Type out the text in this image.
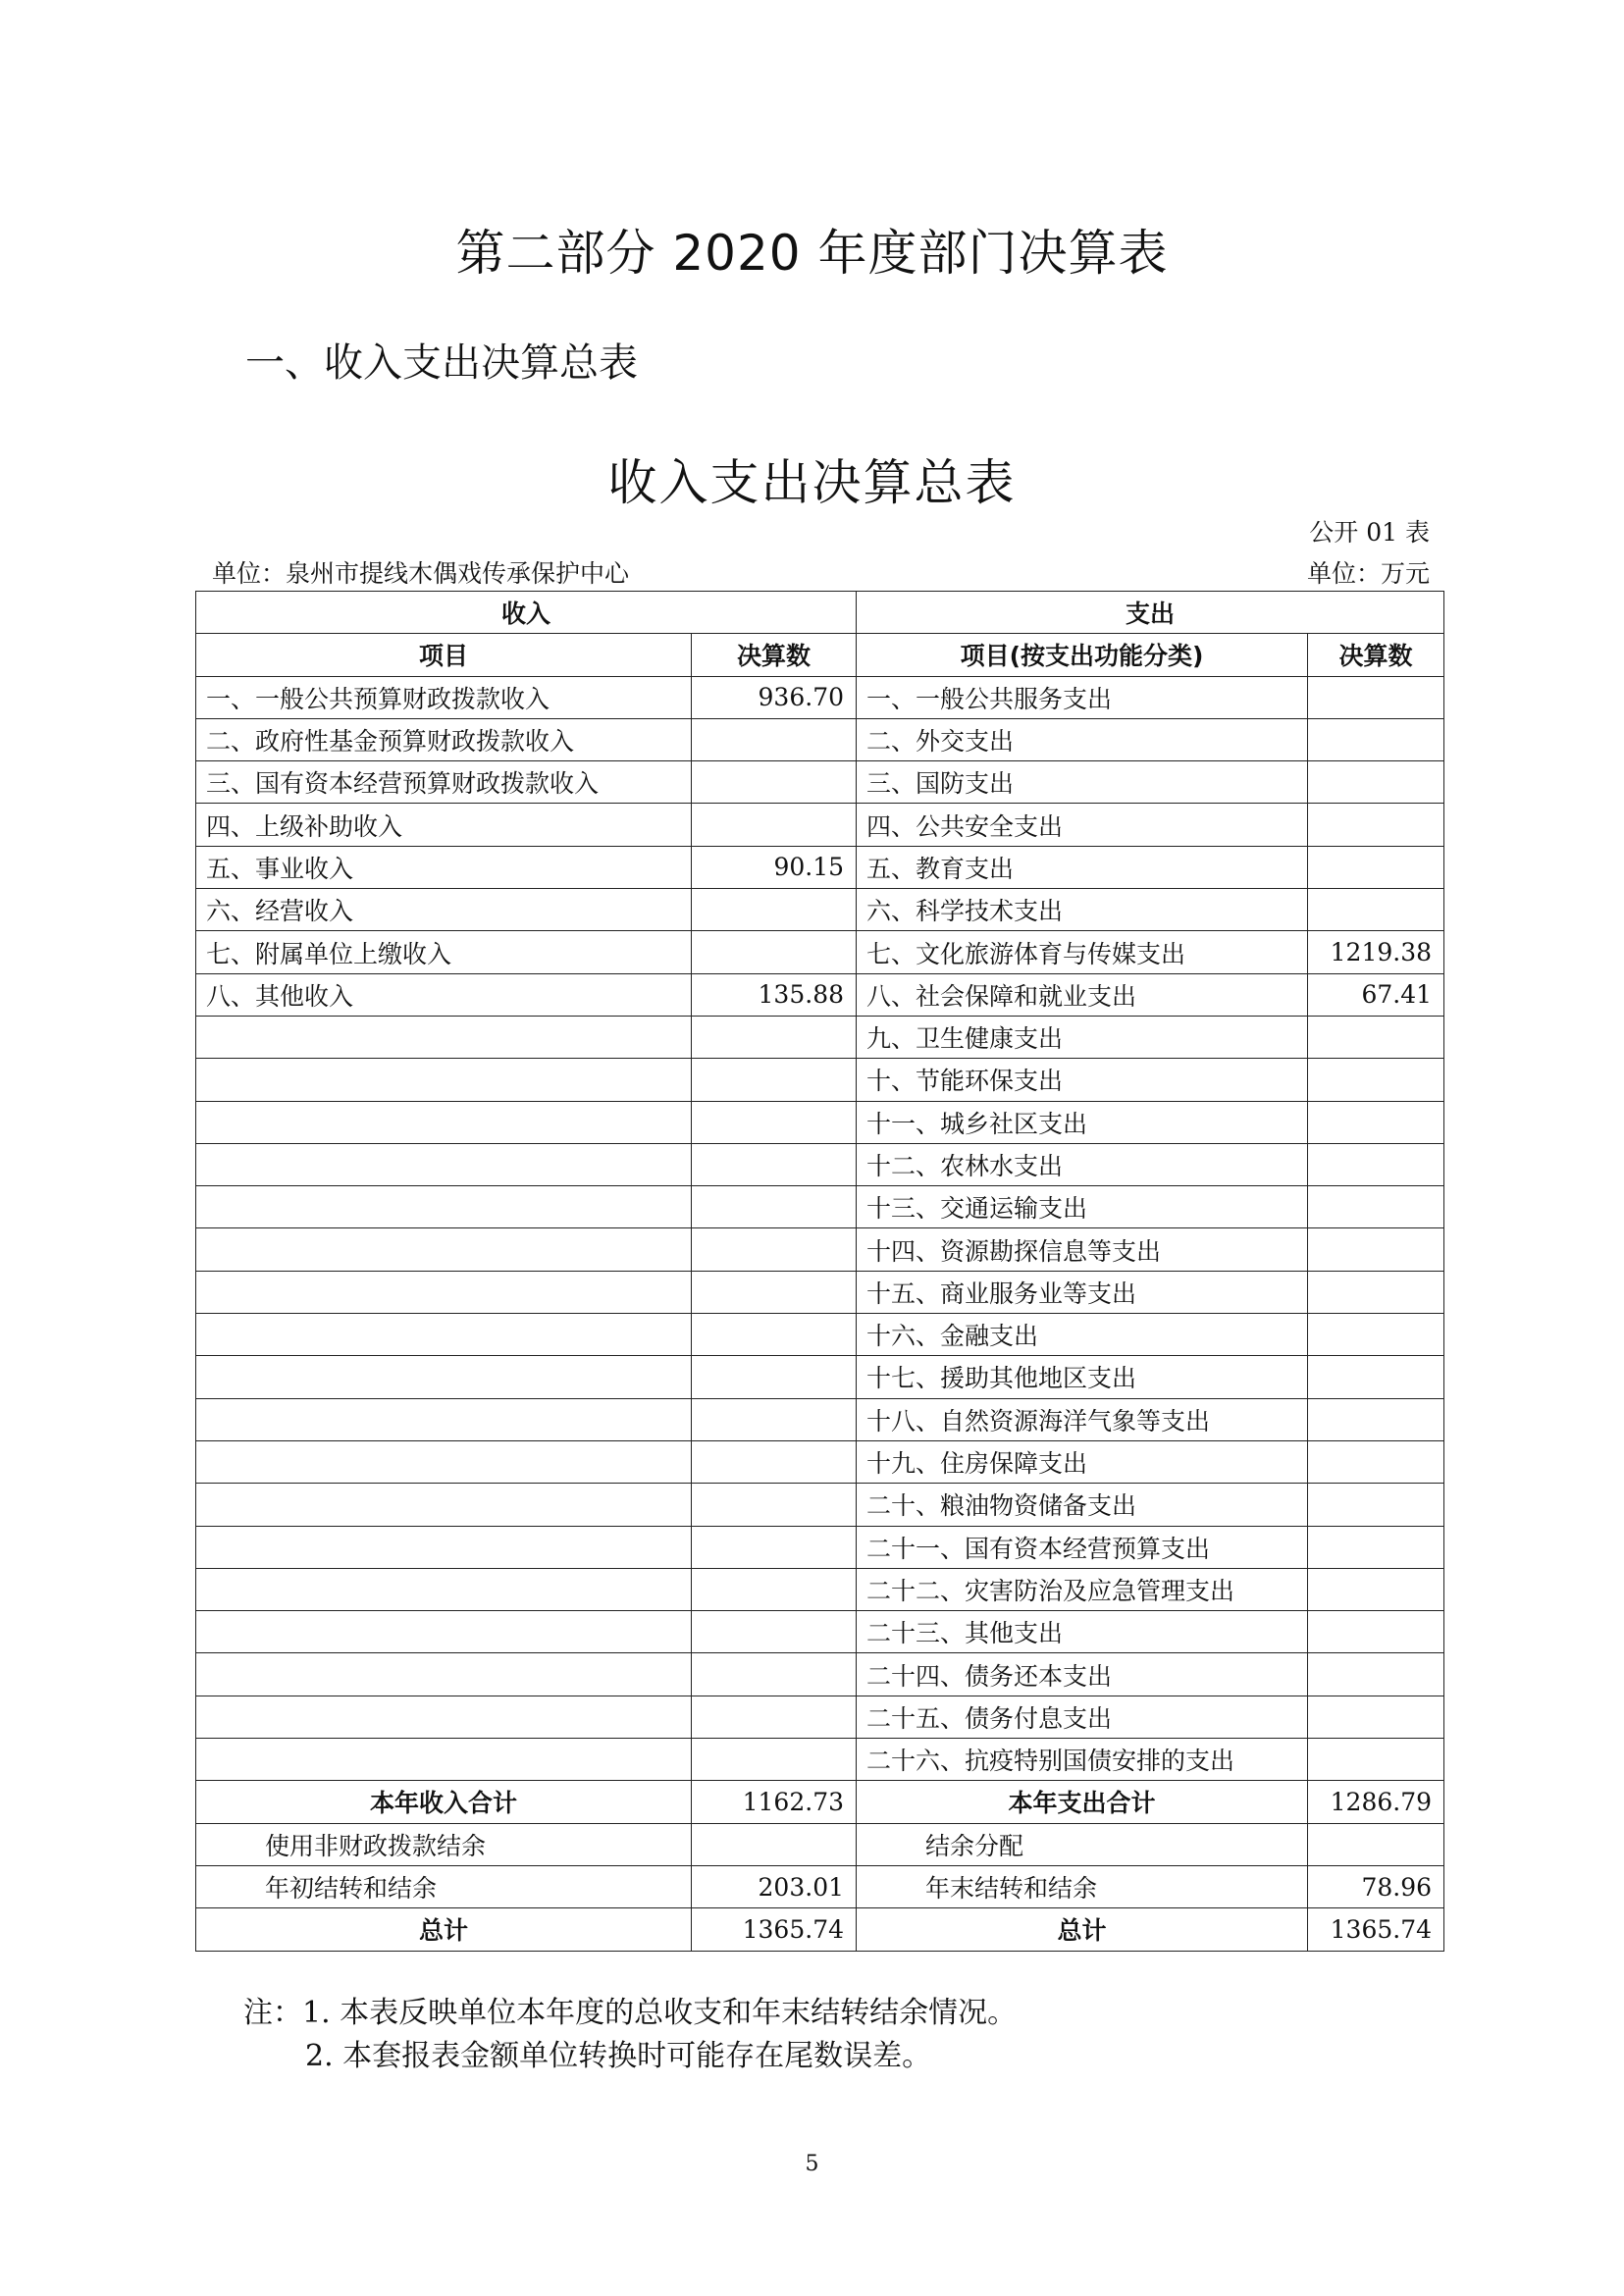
第二部分 2020 年度部门决算表
一、收入支出决算总表
收入支出决算总表
公开 01 表
单位：泉州市提线木偶戏传承保护中心	单位：万元
收入		支出	
项目	决算数	项目(按支出功能分类)	决算数
一、一般公共预算财政拨款收入	936.70	一、一般公共服务支出	
二、政府性基金预算财政拨款收入		二、外交支出	
三、国有资本经营预算财政拨款收入		三、国防支出	
四、上级补助收入		四、公共安全支出	
五、事业收入	90.15	五、教育支出	
六、经营收入		六、科学技术支出	
七、附属单位上缴收入		七、文化旅游体育与传媒支出	1219.38
八、其他收入	135.88	八、社会保障和就业支出	67.41
		九、卫生健康支出	
		十、节能环保支出	
		十一、城乡社区支出	
		十二、农林水支出	
		十三、交通运输支出	
		十四、资源勘探信息等支出	
		十五、商业服务业等支出	
		十六、金融支出	
		十七、援助其他地区支出	
		十八、自然资源海洋气象等支出	
		十九、住房保障支出	
		二十、粮油物资储备支出	
		二十一、国有资本经营预算支出	
		二十二、灾害防治及应急管理支出	
		二十三、其他支出	
		二十四、债务还本支出	
		二十五、债务付息支出	
		二十六、抗疫特别国债安排的支出	
本年收入合计	1162.73	本年支出合计	1286.79
使用非财政拨款结余		结余分配	
年初结转和结余	203.01	年末结转和结余	78.96
总计	1365.74	总计	1365.74
注：1. 本表反映单位本年度的总收支和年末结转结余情况。
2. 本套报表金额单位转换时可能存在尾数误差。
5
